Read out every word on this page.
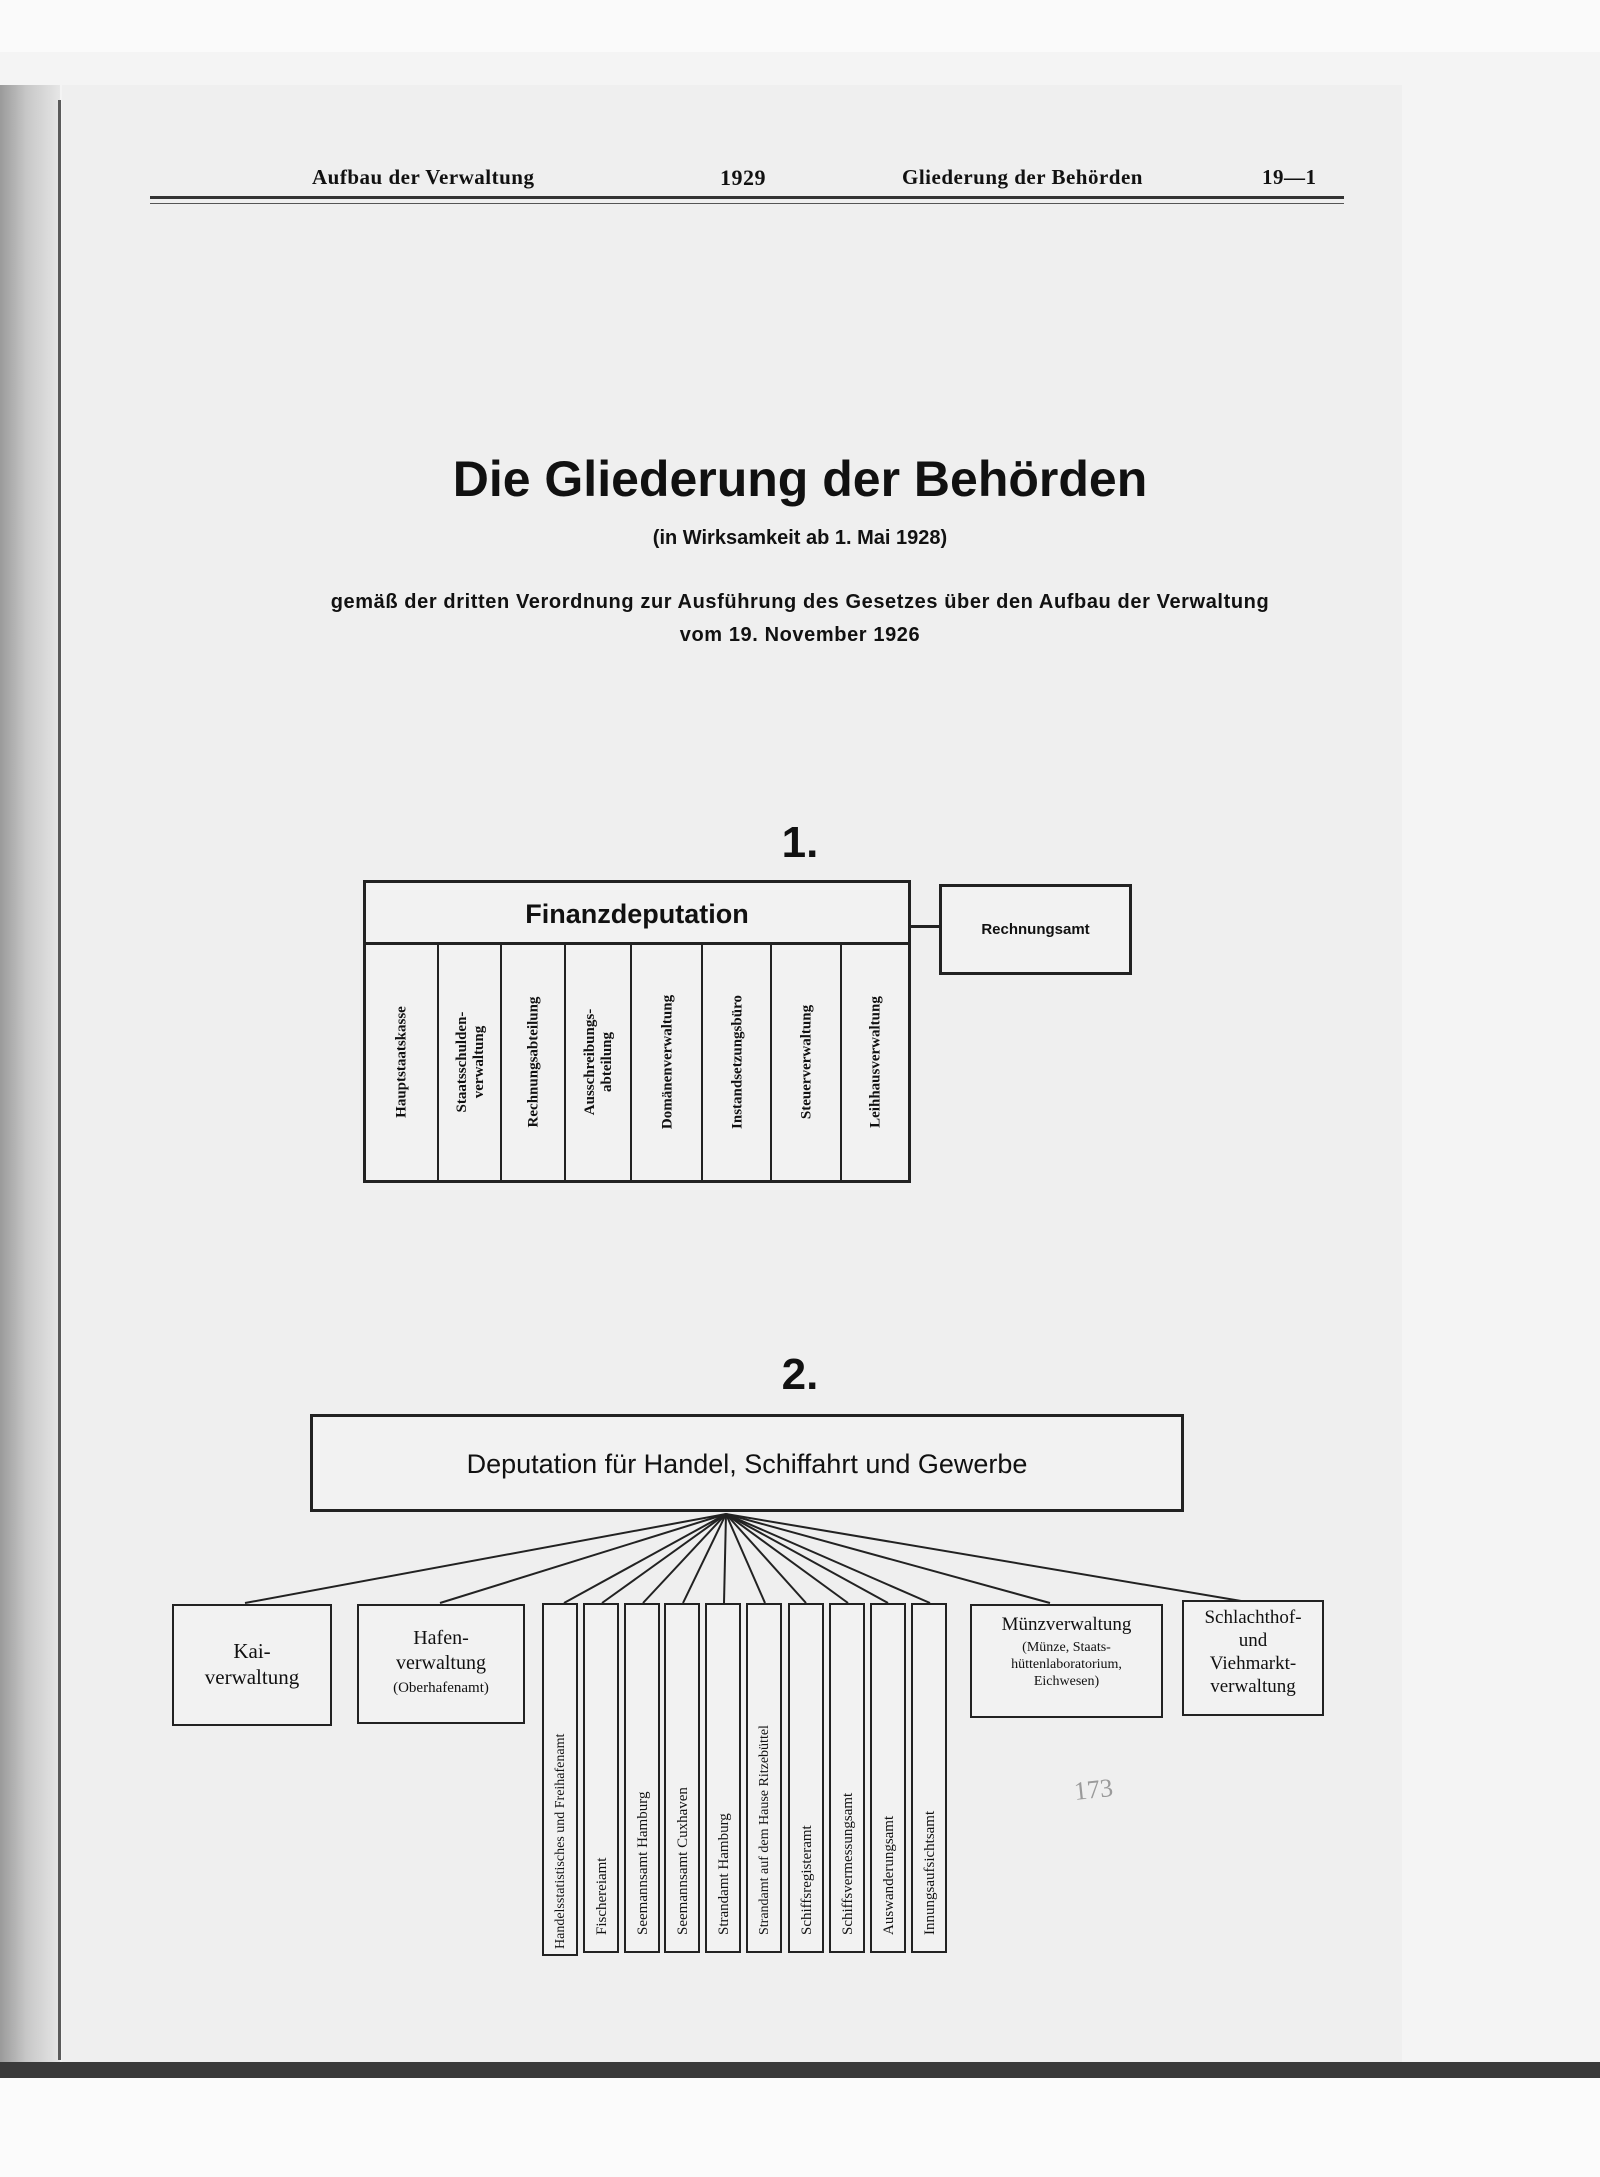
Aufbau der Verwaltung	1929	Gliederung der Behörden	19—1
Die Gliederung der Behörden
(in Wirksamkeit ab 1. Mai 1928)
gemäß der dritten Verordnung zur Ausführung des Gesetzes über den Aufbau der Verwaltung
vom 19. November 1926
1.
Finanzdeputation
Hauptstaatskasse	Staatsschulden- verwaltung	Rechnungsabteilung	Ausschreibungs- abteilung	Domänenverwaltung	Instandsetzungsbüro	Steuerverwaltung	Leihhausverwaltung
Rechnungsamt
2.
Deputation für Handel, Schiffahrt und Gewerbe
Kai-
verwaltung
Hafen-
verwaltung
(Oberhafenamt)
Handelsstatistisches und Freihafenamt Fischereiamt Seemannsamt Hamburg Seemannsamt Cuxhaven Strandamt Hamburg Strandamt auf dem Hause Ritzebüttel Schiffsregisteramt Schiffsvermessungsamt Auswanderungsamt Innungsaufsichtsamt
Münzverwaltung
(Münze, Staats-
hüttenlaboratorium,
Eichwesen)
Schlachthof-
und
Viehmarkt-
verwaltung
173
